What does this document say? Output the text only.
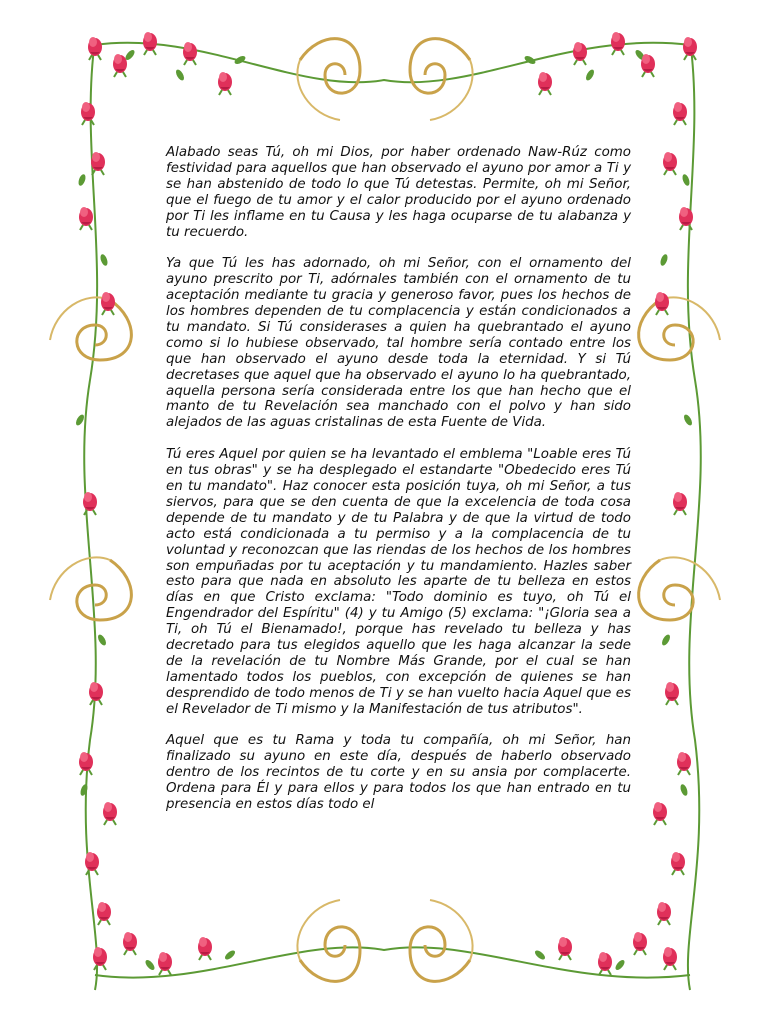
Alabado seas Tú, oh mi Dios, por haber ordenado Naw-Rúz como festividad para aquellos que han observado el ayuno por amor a Ti y se han abstenido de todo lo que Tú detestas. Permite, oh mi Señor, que el fuego de tu amor y el calor producido por el ayuno ordenado por Ti les inflame en tu Causa y les haga ocuparse de tu alabanza y tu recuerdo.

Ya que Tú les has adornado, oh mi Señor, con el ornamento del ayuno prescrito por Ti, adórnales también con el ornamento de tu aceptación mediante tu gracia y generoso favor, pues los hechos de los hombres dependen de tu complacencia y están condicionados a tu mandato. Si Tú considerases a quien ha quebrantado el ayuno como si lo hubiese observado, tal hombre sería contado entre los que han observado el ayuno desde toda la eternidad. Y si Tú decretases que aquel que ha observado el ayuno lo ha quebrantado, aquella persona sería considerada entre los que han hecho que el manto de tu Revelación sea manchado con el polvo y han sido alejados de las aguas cristalinas de esta Fuente de Vida.

Tú eres Aquel por quien se ha levantado el emblema "Loable eres Tú en tus obras" y se ha desplegado el estandarte "Obedecido eres Tú en tu mandato". Haz conocer esta posición tuya, oh mi Señor, a tus siervos, para que se den cuenta de que la excelencia de toda cosa depende de tu mandato y de tu Palabra y de que la virtud de todo acto está condicionada a tu permiso y a la complacencia de tu voluntad y reconozcan que las riendas de los hechos de los hombres son empuñadas por tu aceptación y tu mandamiento. Hazles saber esto para que nada en absoluto les aparte de tu belleza en estos días en que Cristo exclama: "Todo dominio es tuyo, oh Tú el Engendrador del Espíritu" (4) y tu Amigo (5) exclama: "¡Gloria sea a Ti, oh Tú el Bienamado!, porque has revelado tu belleza y has decretado para tus elegidos aquello que les haga alcanzar la sede de la revelación de tu Nombre Más Grande, por el cual se han lamentado todos los pueblos, con excepción de quienes se han desprendido de todo menos de Ti y se han vuelto hacia Aquel que es el Revelador de Ti mismo y la Manifestación de tus atributos".

Aquel que es tu Rama y toda tu compañía, oh mi Señor, han finalizado su ayuno en este día, después de haberlo observado dentro de los recintos de tu corte y en su ansia por complacerte. Ordena para Él y para ellos y para todos los que han entrado en tu presencia en estos días todo el
